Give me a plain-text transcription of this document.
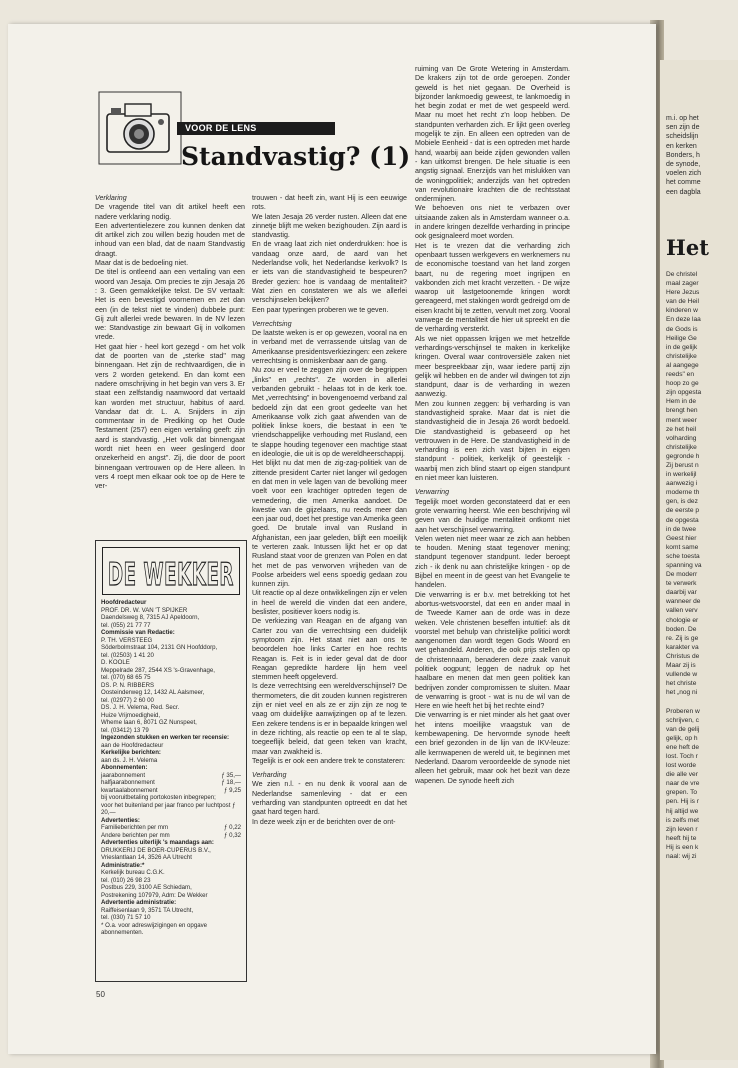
VOOR DE LENS
Standvastig? (1)

Verklaring

De vragende titel van dit artikel heeft een nadere verklaring nodig.

Een advertentielezere zou kunnen denken dat dit artikel zich zou willen bezig houden met de inhoud van een blad, dat de naam Standvastig draagt.

Maar dat is de bedoeling niet.

De titel is ontleend aan een vertaling van een woord van Jesaja. Om precies te zijn Jesaja 26 : 3. Geen gemakkelijke tekst. De SV vertaalt: Het is een bevestigd voornemen en zet dan een (in de tekst niet te vinden) dubbele punt: Gij zult allerlei vrede bewaren. In de NV lezen we: Standvastige zin bewaart Gij in volkomen vrede.

Het gaat hier - heel kort gezegd - om het volk dat de poorten van de „sterke stad" mag binnengaan. Het zijn de rechtvaardigen, die in vers 2 worden getekend. En dan komt een nadere omschrijving in het begin van vers 3. Er staat een zelfstandig naamwoord dat vertaald kan worden met structuur, habitus of aard. Vandaar dat dr. L. A. Snijders in zijn commentaar in de Prediking op het Oude Testament (257) een eigen vertaling geeft: zijn aard is standvastig. „Het volk dat binnengaat wordt niet heen en weer geslingerd door onzekerheid en angst". Zij, die door de poort binnengaan vertrouwen op de Here alleen. In vers 4 roept men elkaar ook toe op de Here te ver-

trouwen - dat heeft zin, want Hij is een eeuwige rots.

We laten Jesaja 26 verder rusten. Alleen dat ene zinnetje blijft me weken bezighouden. Zijn aard is standvastig.

En de vraag laat zich niet onderdrukken: hoe is vandaag onze aard, de aard van het Nederlandse volk, het Nederlandse kerkvolk? Is er iets van die standvastigheid te bespeuren? Breder gezien: hoe is vandaag de mentaliteit? Wat zien en constateren we als we allerlei verschijnselen bekijken?

Een paar typeringen proberen we te geven.

Verrechtsing

De laatste weken is er op gewezen, vooral na en in verband met de verrassende uitslag van de Amerikaanse presidentsverkiezingen: een zekere verrechtsing is onmiskenbaar aan de gang.

Nu zou er veel te zeggen zijn over de begrippen „links" en „rechts". Ze worden in allerlei verbanden gebruikt - helaas tot in de kerk toe. Met „verrechtsing" in bovengenoemd verband zal bedoeld zijn dat een groot gedeelte van het Amerikaanse volk zich gaat afwenden van de politiek linkse koers, die bestaat in een 'te vriendschappelijke verhouding met Rusland, een te slappe houding tegenover een machtige staat en ideologie, die uit is op de wereldheerschappij.

Het blijkt nu dat men de zig-zag-politiek van de zittende president Carter niet langer wil gedogen en dat men in vele lagen van de bevolking meer voelt voor een krachtiger optreden tegen de vernedering, die men Amerika aandoet. De kwestie van de gijzelaars, nu reeds meer dan een jaar oud, doet het prestige van Amerika geen goed. De brutale inval van Rusland in Afghanistan, een jaar geleden, blijft een moeilijk te verteren zaak. Intussen lijkt het er op dat Rusland staat voor de grenzen van Polen en dat het met de pas verworven vrijheden van de Poolse arbeiders wel eens spoedig gedaan zou kunnen zijn.

Uit reactie op al deze ontwikkelingen zijn er velen in heel de wereld die vinden dat een andere, beslister, positiever koers nodig is.

De verkiezing van Reagan en de afgang van Carter zou van die verrechtsing een duidelijk symptoom zijn. Het staat niet aan ons te beoordelen hoe links Carter en hoe rechts Reagan is. Feit is in ieder geval dat de door Reagan gepredikte hardere lijn hem veel stemmen heeft opgeleverd.

Is deze verrechtsing een wereldverschijnsel? De thermometers, die dit zouden kunnen registreren zijn er niet veel en als ze er zijn zijn ze nog te vaag om duidelijke aanwijzingen op af te lezen. Een zekere tendens is er in bepaalde kringen wel in deze richting, als reactie op een te al te slap, toegeeflijk beleid, dat geen teken van kracht, maar van zwakheid is.

Tegelijk is er ook een andere trek te constateren:

Verharding

We zien n.l. - en nu denk ik vooral aan de Nederlandse samenleving - dat er een verharding van standpunten optreedt en dat het gaat hard tegen hard.

In deze week zijn er de berichten over de ont-

ruiming van De Grote Wetering in Amsterdam. De krakers zijn tot de orde geroepen. Zonder geweld is het niet gegaan. De Overheid is bijzonder lankmoedig geweest, te lankmoedig in het begin zodat er met de wet gespeeld werd. Maar nu moet het recht z'n loop hebben. De standpunten verharden zich. Er lijkt geen overleg mogelijk te zijn. En alleen een optreden van de Mobiele Eenheid - dat is een optreden met harde hand, waarbij aan beide zijden gewonden vallen - kan uitkomst brengen. De hele situatie is een angstig signaal. Enerzijds van het mislukken van de woningpolitiek; anderzijds van het optreden van revolutionaire krachten die de rechtsstaat ondermijnen.

We behoeven ons niet te verbazen over uitsiaande zaken als in Amsterdam wanneer o.a. in andere kringen dezelfde verharding in principe ook gesignaleerd moet worden.

Het is te vrezen dat die verharding zich openbaart tussen werkgevers en werknemers nu de economische toestand van het land zorgen baart, nu de regering moet ingrijpen en vakbonden zich met kracht verzetten. - De wijze waarop uit lastgetoonemde kringen wordt gereageerd, met stakingen wordt gedreigd om de eisen kracht bij te zetten, vervult met zorg. Vooral vanwege de mentaliteit die hier uit spreekt en die de verharding versterkt.

Als we niet oppassen krijgen we met hetzelfde verhardings-verschijnsel te maken in kerkelijke kringen. Overal waar controversiële zaken niet meer bespreekbaar zijn, waar iedere partij zijn gelijk wil hebben en de ander wil dwingen tot zijn standpunt, daar is de verharding in wezen aanwezig.

Men zou kunnen zeggen: bij verharding is van standvastigheid sprake. Maar dat is niet die standvastigheid die in Jesaja 26 wordt bedoeld. Die standvastigheid is gebaseerd op het vertrouwen in de Here. De standvastigheid in de verharding is een zich vast bijten in eigen standpunt - politiek, kerkelijk of geestelijk - waarbij men zich blind staart op eigen standpunt en niet meer kan luisteren.

Verwarring

Tegelijk moet worden geconstateerd dat er een grote verwarring heerst. Wie een beschrijving wil geven van de huidige mentaliteit ontkomt niet aan het verschijnsel verwarring.

Velen weten niet meer waar ze zich aan hebben te houden. Mening staat tegenover mening; standpunt tegenover standpunt. Ieder beroept zich - ik denk nu aan christelijke kringen - op de Bijbel en meent in de geest van het Evangelie te handelen.

Die verwarring is er b.v. met betrekking tot het abortus-wetsvoorstel, dat een en ander maal in de Tweede Kamer aan de orde was in deze weken. Vele christenen beseffen intuïtief: als dit voorstel met behulp van christelijke politici wordt aangenomen dan wordt tegen Gods Woord en wet gehandeld. Anderen, die ook prijs stellen op de christennaam, benaderen deze zaak vanuit politiek oogpunt; leggen de nadruk op het haalbare en menen dat men geen politiek kan bedrijven zonder compromissen te sluiten. Maar de verwarring is groot - wat is nu de wil van de Here en wie heeft het bij het rechte eind?

Die verwarring is er niet minder als het gaat over het intens moeilijke vraagstuk van de kernbewapening. De hervormde synode heeft een brief gezonden in de lijn van de IKV-leuze: alle kernwapenen de wereld uit, te beginnen met Nederland. Daarom veroordeelde de synode niet alleen het gebruik, maar ook het bezit van deze wapenen. De synode heeft zich

DE WEKKER
Hoofdredacteur
PROF. DR. W. VAN 'T SPIJKER
Daendelsweg 8, 7315 AJ Apeldoorn,
tel. (055) 21 77 77
Commissie van Redactie:
P. TH. VERSTEEG
Söderbolmstraat 104, 2131 GN Hoofddorp,
tel. (02503) 1 41 20
D. KOOLE
Meppelrade 287, 2544 XS 's-Gravenhage,
tel. (070) 68 65 75
DS. P. N. RIBBERS
Oosteinderweg 12, 1432 AL Aalsmeer,
tel. (02977) 2 60 00
DS. J. H. Velema, Red. Secr.
Huize Vrijmoedigheid,
Wheme laan 6, 8071 GZ Nunspeet,
tel. (03412) 13 79
Ingezonden stukken en werken ter recensie:
aan de Hoofdredacteur
Kerkelijke berichten:
aan ds. J. H. Velema
Abonnementen:
jaarabonnement	ƒ 35,—
halfjaarabonnement	ƒ 18,—
kwartaalabonnement	ƒ 9,25
bij vooruitbetaling portokosten inbegrepen;
voor het buitenland per jaar franco per luchtpost ƒ 20,—
Advertenties:
Familieberichten per mm	ƒ 0,22
Andere berichten per mm	ƒ 0,32
Advertenties uiterlijk 's maandags aan:
DRUKKERIJ DE BOER-CUPERUS B.V.,
Vrieslantlaan 14, 3526 AA Utrecht
Administratie:*
Kerkelijk bureau C.G.K.
tel. (010) 26 98 23
Postbus 229, 3100 AE Schiedam,
Postrekening 107979, Adm: De Wekker
Advertentie administratie:
Raiffeisenlaan 9, 3571 TA Utrecht,
tel. (030) 71 57 10
* O.a. voor adreswijzigingen en opgave abonnementen.
50
m.i. op het
sen zijn de
scheidslijn
en kerken
Bonders, h
de synode,
voelen zich
het comme
een dagbla
Het
De christel
maal zager
Here Jezus
van de Heil
kinderen w
En deze laa
de Gods is
Heilige Ge
in de gelijk
christelijke
al aangege
reeds" en
hoop zo ge
zijn opgesta
Hem in de
brengt hen
ment weer
ze het heil
volharding
christelijke
gegronde h
Zij berust n
in werkelijl
aanwezig i
moderne th
gen, is dez
de eerste p
de opgesta
in de twee
Geest hier
komt same
sche toesta
spanning va
De moderr
te verwerk
daarbij var
wanneer de
vallen verv
chologie er
boden. De
re. Zij is ge
karakter va
Christus de
Maar zij is
vullende w
het christe
het „nog ni

Proberen w
schrijven, c
van de gelij
gelijk, op h
ene heft de
lost. Toch r
lost worde
die alle ver
naar de vre
grepen. To
pen. Hij is r
hij altijd we
is zelfs met
zijn leven r
heeft hij te
Hij is een k
naal: wij zi
